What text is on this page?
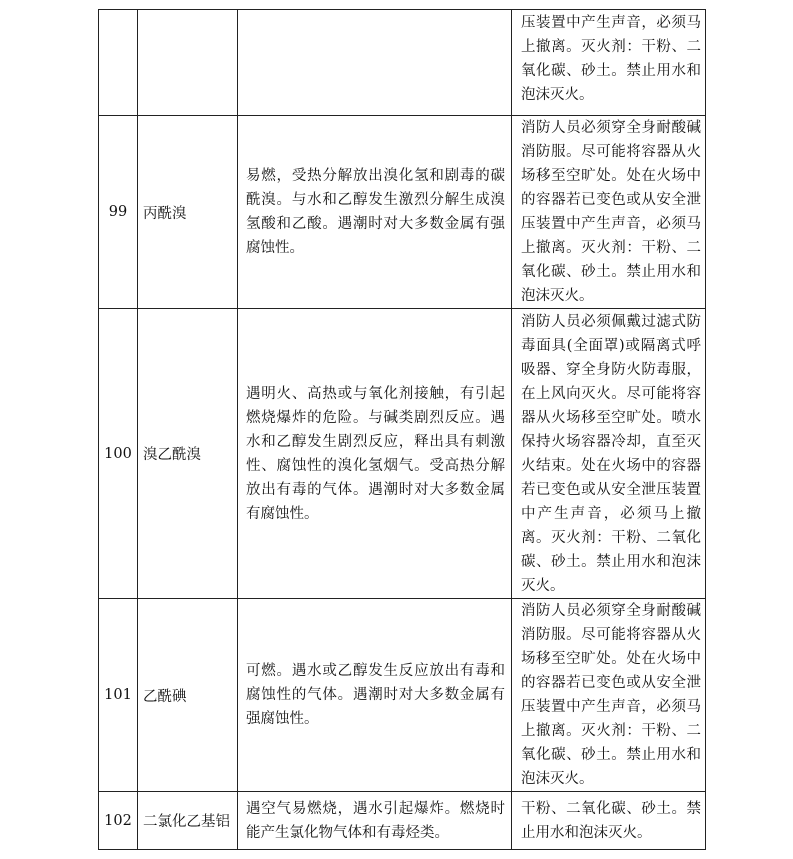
			压装置中产生声音，必须马上撤离。灭火剂：干粉、二氧化碳、砂土。禁止用水和泡沫灭火。
99	丙酰溴	易燃，受热分解放出溴化氢和剧毒的碳酰溴。与水和乙醇发生激烈分解生成溴氢酸和乙酸。遇潮时对大多数金属有强腐蚀性。	消防人员必须穿全身耐酸碱消防服。尽可能将容器从火场移至空旷处。处在火场中的容器若已变色或从安全泄压装置中产生声音，必须马上撤离。灭火剂：干粉、二氧化碳、砂土。禁止用水和泡沫灭火。
100	溴乙酰溴	遇明火、高热或与氧化剂接触，有引起燃烧爆炸的危险。与碱类剧烈反应。遇水和乙醇发生剧烈反应，释出具有刺激性、腐蚀性的溴化氢烟气。受高热分解放出有毒的气体。遇潮时对大多数金属有腐蚀性。	消防人员必须佩戴过滤式防毒面具(全面罩)或隔离式呼吸器、穿全身防火防毒服，在上风向灭火。尽可能将容器从火场移至空旷处。喷水保持火场容器冷却，直至灭火结束。处在火场中的容器若已变色或从安全泄压装置中产生声音，必须马上撤离。灭火剂：干粉、二氧化碳、砂土。禁止用水和泡沫灭火。
101	乙酰碘	可燃。遇水或乙醇发生反应放出有毒和腐蚀性的气体。遇潮时对大多数金属有强腐蚀性。	消防人员必须穿全身耐酸碱消防服。尽可能将容器从火场移至空旷处。处在火场中的容器若已变色或从安全泄压装置中产生声音，必须马上撤离。灭火剂：干粉、二氧化碳、砂土。禁止用水和泡沫灭火。
102	二氯化乙基铝	遇空气易燃烧，遇水引起爆炸。燃烧时能产生氯化物气体和有毒烃类。	干粉、二氧化碳、砂土。禁止用水和泡沫灭火。
